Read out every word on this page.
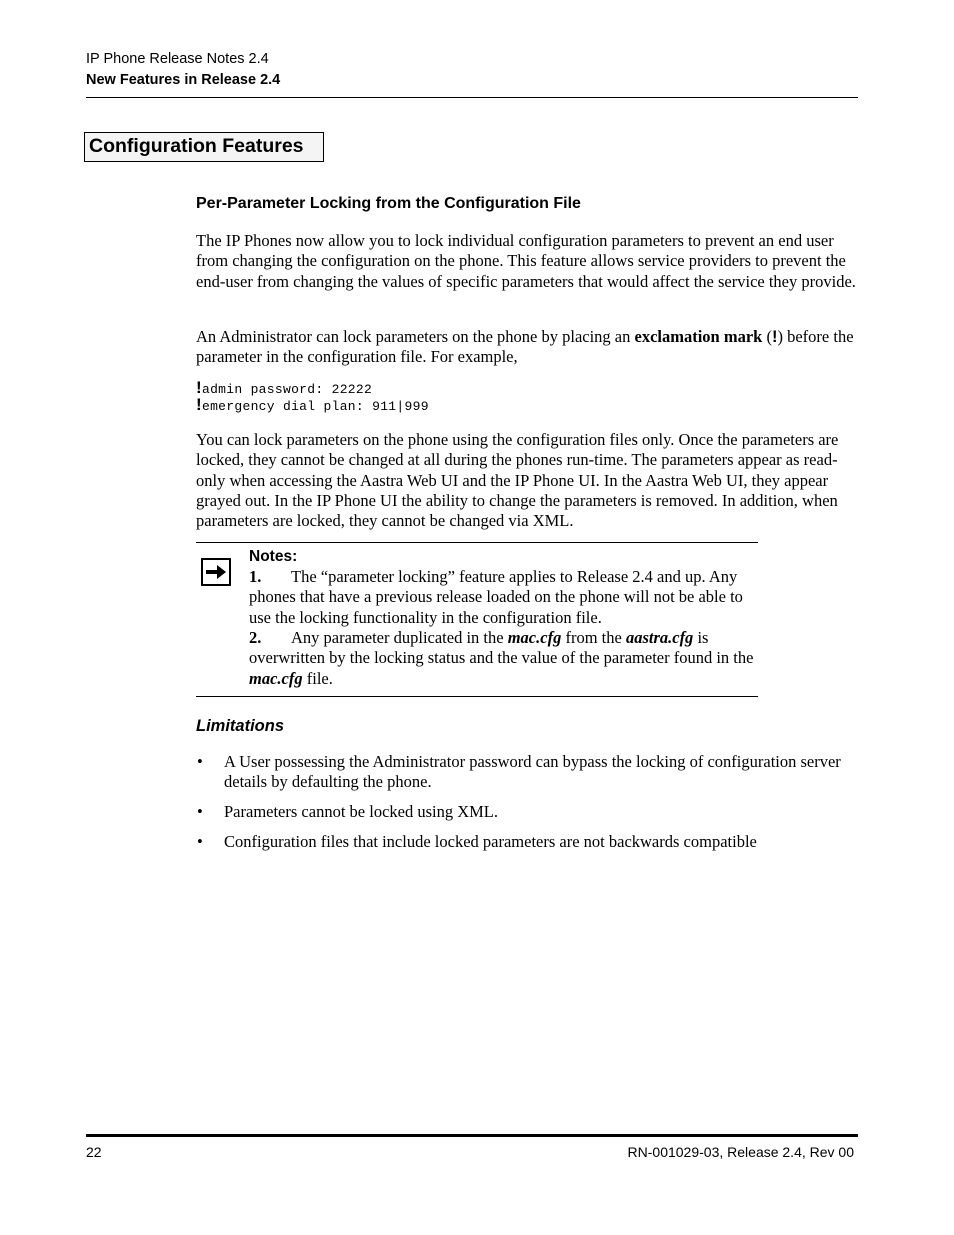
IP Phone Release Notes 2.4
New Features in Release 2.4
Configuration Features
Per-Parameter Locking from the Configuration File
The IP Phones now allow you to lock individual configuration parameters to prevent an end user from changing the configuration on the phone. This feature allows service providers to prevent the end-user from changing the values of specific parameters that would affect the service they provide.
An Administrator can lock parameters on the phone by placing an exclamation mark (!) before the parameter in the configuration file. For example,
!admin password: 22222
!emergency dial plan: 911|999
You can lock parameters on the phone using the configuration files only. Once the parameters are locked, they cannot be changed at all during the phones run-time. The parameters appear as read-only when accessing the Aastra Web UI and the IP Phone UI. In the Aastra Web UI, they appear grayed out. In the IP Phone UI the ability to change the parameters is removed. In addition, when parameters are locked, they cannot be changed via XML.
Notes:
1. The “parameter locking” feature applies to Release 2.4 and up. Any phones that have a previous release loaded on the phone will not be able to use the locking functionality in the configuration file.
2. Any parameter duplicated in the mac.cfg from the aastra.cfg is overwritten by the locking status and the value of the parameter found in the mac.cfg file.
Limitations
• A User possessing the Administrator password can bypass the locking of configuration server details by defaulting the phone.
• Parameters cannot be locked using XML.
• Configuration files that include locked parameters are not backwards compatible
22	RN-001029-03, Release 2.4, Rev 00
